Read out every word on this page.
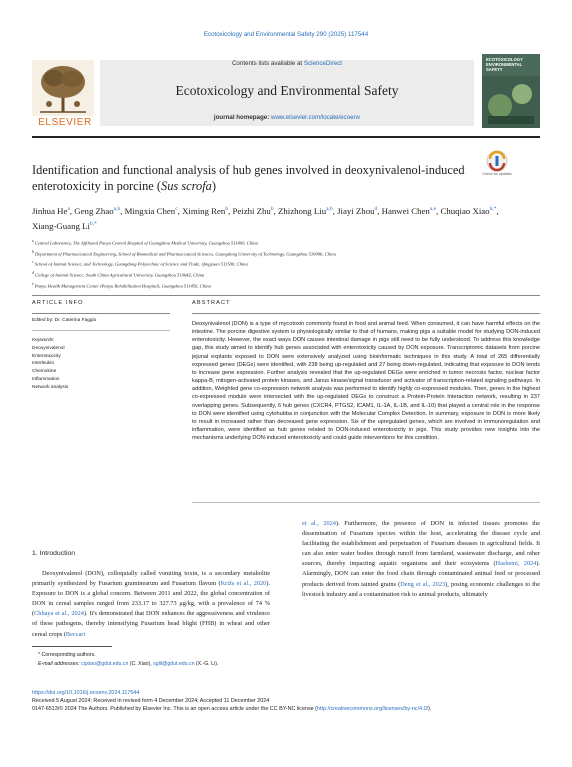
Ecotoxicology and Environmental Safety 290 (2025) 117544
ELSEVIER
Contents lists available at ScienceDirect
Ecotoxicology and Environmental Safety
journal homepage: www.elsevier.com/locate/ecoenv
ECOTOXICOLOGY ENVIRONMENTAL SAFETY
Identification and functional analysis of hub genes involved in deoxynivalenol-induced enterotoxicity in porcine (Sus scrofa)
Check for updates
Jinhua He$^a$, Geng Zhao$^{a,b}$, Mingxia Chen$^c$, Ximing Ren$^b$, Peizhi Zhu$^b$, Zhizhong Liu$^{a,b}$, Jiayi Zhou$^d$, Hanwei Chen$^{a,e}$, Chuqiao Xiao$^{b,*}$, Xiang-Guang $Li^{b,*}$
$^a$ Central Laboratory, The Affiliated Panyu Central Hospital of Guangzhou Medical University, Guangzhou 511400, China
$^b$ Department of Pharmaceutical Engineering, School of Biomedical and Pharmaceutical Sciences, Guangdong University of Technology, Guangzhou 510006, China
$^c$ School of Animal Science, and Technology, Guangdong Polytechnic of Science and Trade, Qingyuan 511500, China
$^d$ College of Animal Science, South China Agricultural University, Guangzhou 510642, China
$^e$ Panyu Health Management Center (Panyu Rehabilitation Hospital), Guangzhou 511450, China
ARTICLE INFO
Edited by: Dr. Caterina Faggio
Keywords:
Deoxynivalenol
Enterotoxicity
Interleukin
Chemokine
Inflammation
Network analysis
ABSTRACT
Deoxynivalenol (DON) is a type of mycotoxin commonly found in food and animal feed. When consumed, it can have harmful effects on the intestine. The porcine digestive system is physiologically similar to that of humans, making pigs a suitable model for studying DON-induced enterotoxicity. However, the exact ways DON causes intestinal damage in pigs still need to be fully understood. To address this knowledge gap, this study aimed to identify hub genes associated with enterotoxicity caused by DON exposure. Transcriptomic datasets from porcine jejunal explants exposed to DON were extensively analyzed using bioinformatic techniques in this study. A total of 265 differentially expressed genes (DEGs) were identified, with 238 being up-regulated and 27 being down-regulated, indicating that exposure to DON tends to increase gene expression. Further analysis revealed that the up-regulated DEGs were enriched in tumor necrosis factor, nuclear factor kappa-B, mitogen-activated protein kinases, and Janus kinase/signal transducer and activator of transcription-related signaling pathways. In addition, Weighted gene co-expression network analysis was performed to identify highly co-expressed modules. Then, genes in the highest co-expressed module were intersected with the up-regulated DEGs to construct a Protein-Protein Interaction network, resulting in 237 overlapping genes. Subsequently, 6 hub genes (CXCR4, PTGS2, ICAM1, IL-1A, IL-1B, and IL-10) that played a central role in the response to DON were identified using cytohubba in conjunction with the Molecular Complex Detection. In summary, exposure to DON is more likely to result in increased rather than decreased gene expression. Six of the upregulated genes, which are involved in immunoregulation and inflammation, were identified as hub genes related to DON-induced enterotoxicity in pigs. This study provides new insights into the mechanisms underlying DON-induced enterotoxicity and could guide interventions for this condition.
1. Introduction
Deoxynivalenol (DON), colloquially called vomiting toxin, is a secondary metabolite primarily synthesized by Fusarium graminearum and Fusarium flavum (Križs et al., 2020). Exposure to DON is a global concern. Between 2011 and 2022, the global concentration of DON in cereal samples ranged from 233.17 to 327.73 μg/kg, with a prevalence of 74 % (Chhaya et al., 2024). It's demonstrated that DON enhances the aggressiveness and virulence of these pathogens, thereby intensifying Fusarium head blight (FHB) in wheat and other cereal crops (Beccari
et al., 2024). Furthermore, the presence of DON in infected tissues promotes the dissemination of Fusarium species within the host, accelerating the disease cycle and facilitating the establishment and perpetuation of Fusarium diseases in agricultural fields. It can also enter water bodies through runoff from farmland, wastewater discharge, and other sources, thereby impacting aquatic organisms and their ecosystems (Hashemi, 2024). Alarmingly, DON can enter the food chain through contaminated animal feed or processed products derived from tainted grains (Deng et al., 2023), posing economic challenges to the livestock industry and a contamination risk to animal products, ultimately
* Corresponding authors.
E-mail addresses: cqxiao@gdut.edu.cn (C. Xiao), sglil@gdut.edu.cn (X.-G. Li).
https://doi.org/10.1016/j.ecoenv.2024.117544
Received 5 August 2024; Received in revised form 4 December 2024; Accepted 11 December 2024
0147-6513/© 2024 The Authors. Published by Elsevier Inc. This is an open access article under the CC BY-NC license (http://creativecommons.org/licenses/by-nc/4.0/).
